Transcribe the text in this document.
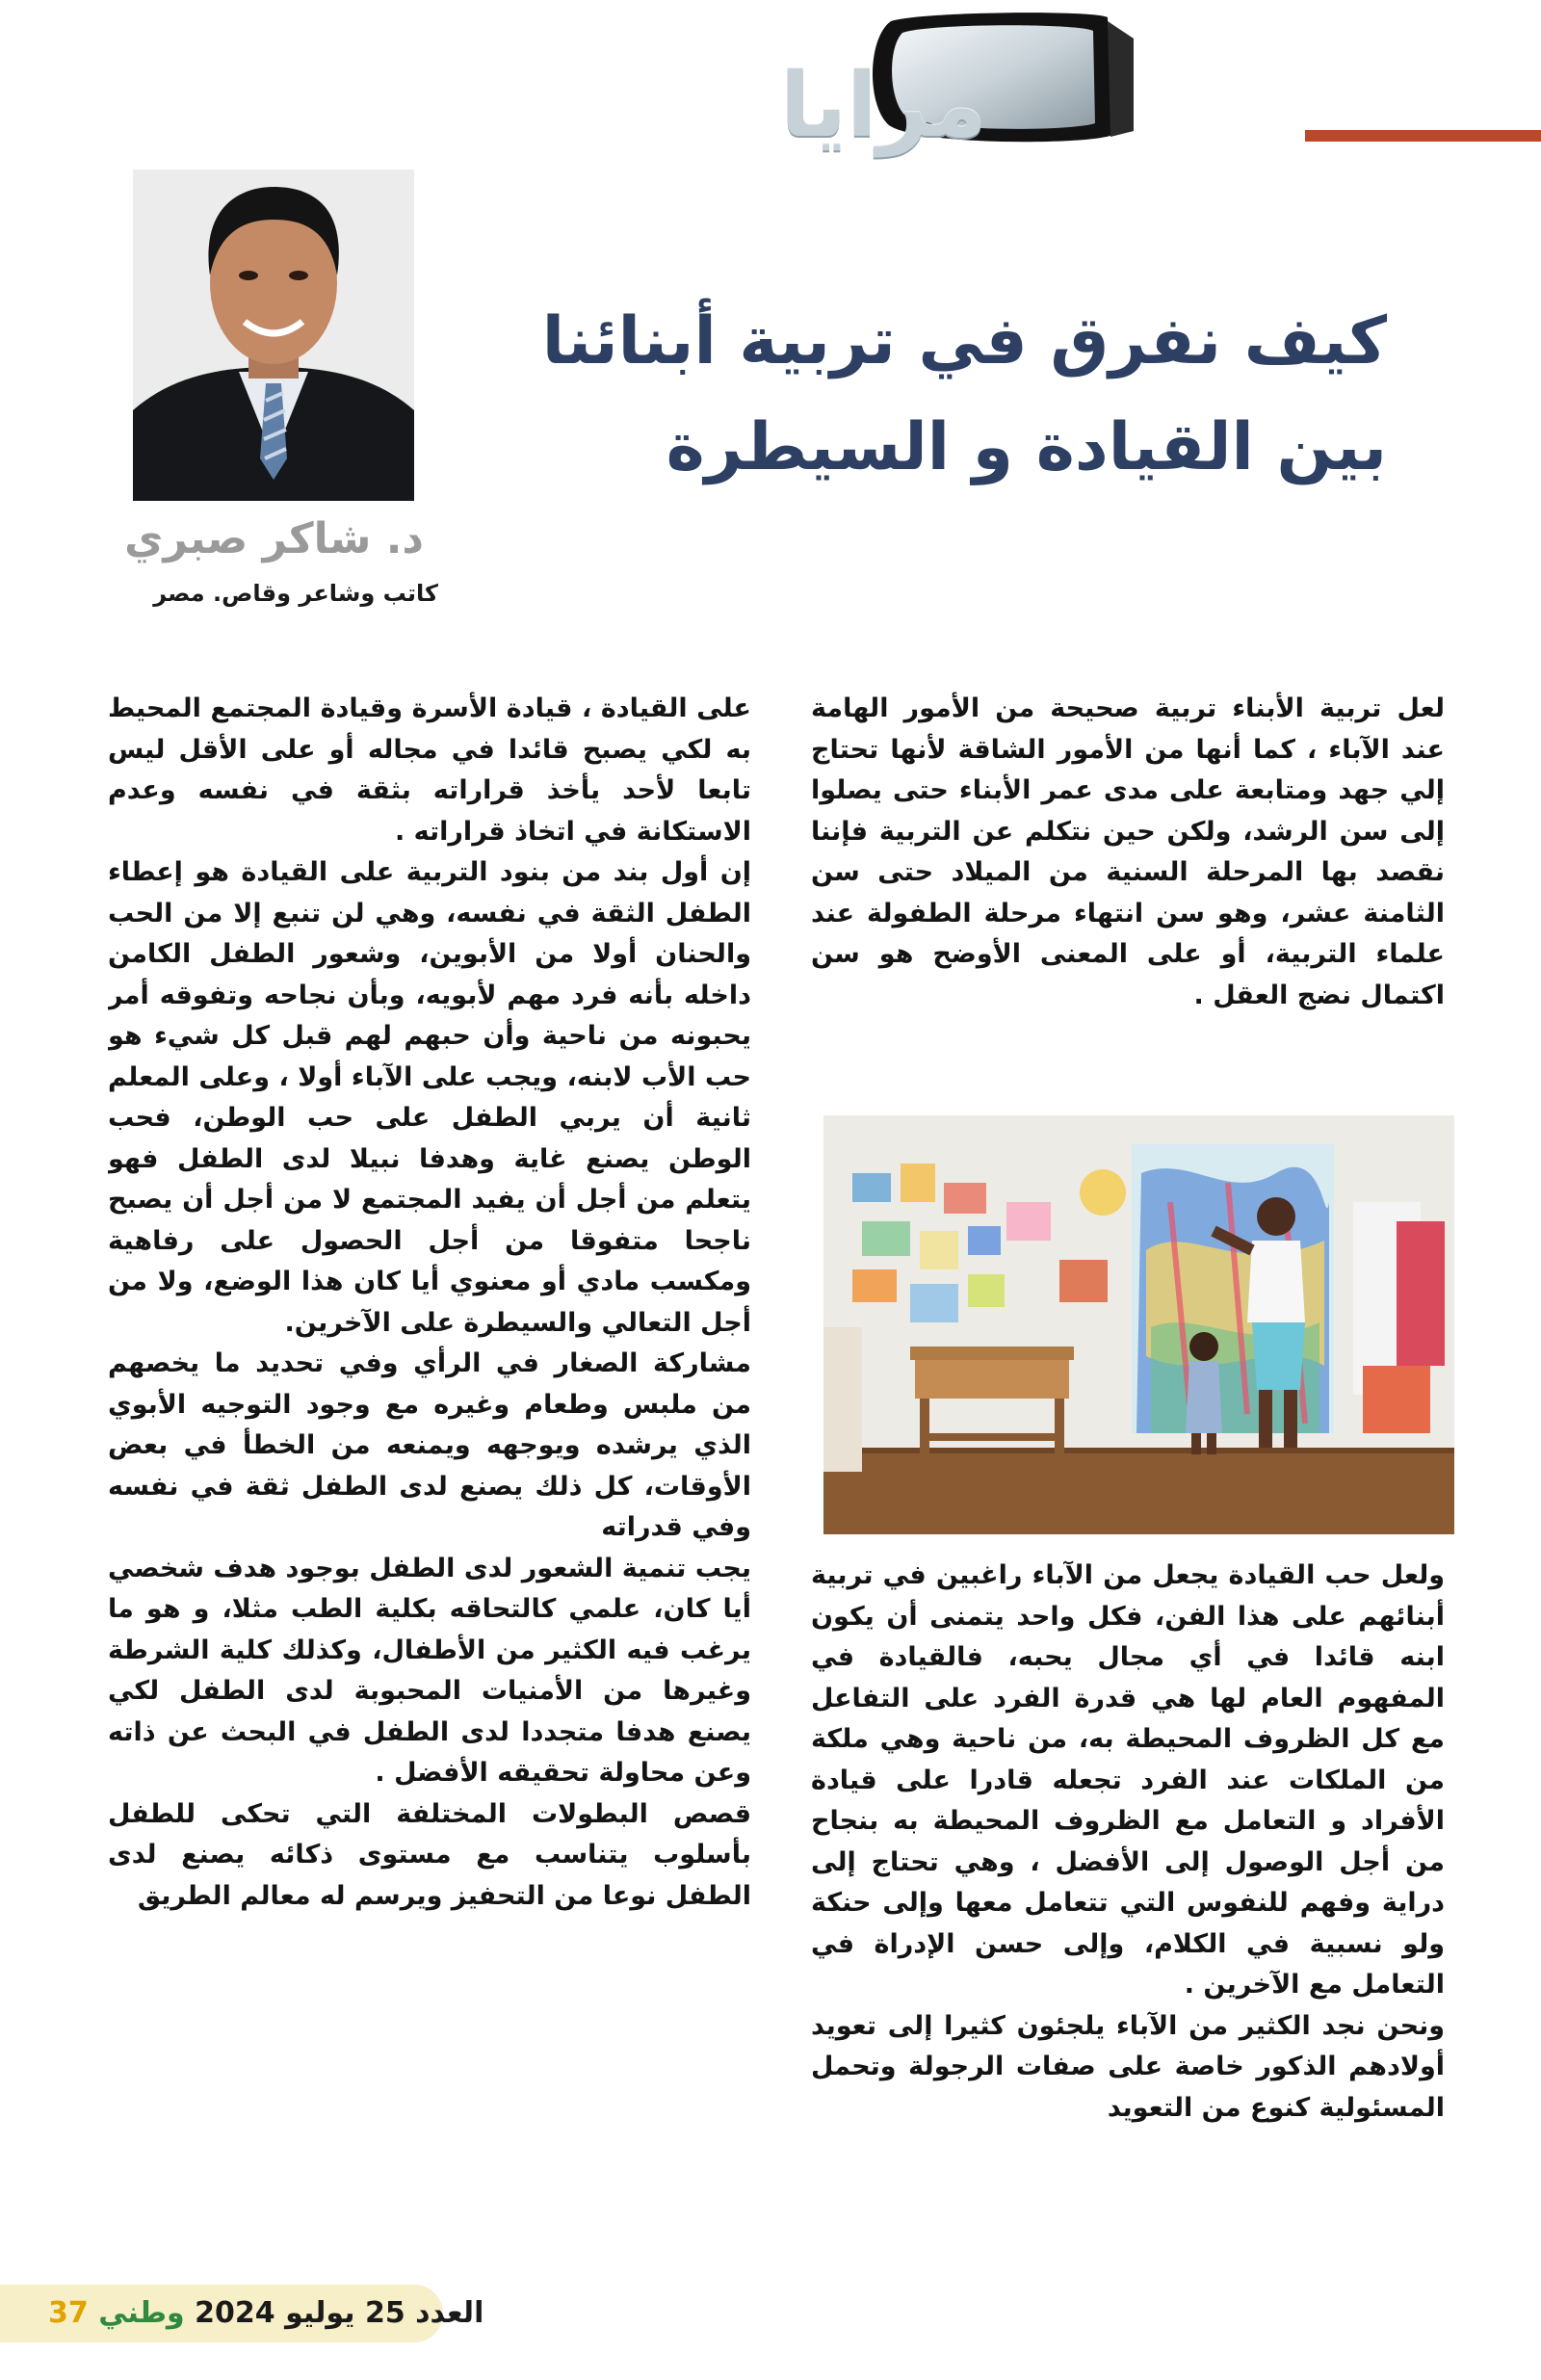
مرايا
د. شاكر صبري
كاتب وشاعر وقاص. مصر
كيف نفرق في تربية أبنائنا
بين القيادة و السيطرة

لعل تربية الأبناء تربية صحيحة من الأمور الهامة عند الآباء ، كما أنها من الأمور الشاقة لأنها تحتاج إلي جهد ومتابعة على مدى عمر الأبناء حتى يصلوا إلى سن الرشد، ولكن حين نتكلم عن التربية فإننا نقصد بها المرحلة السنية من الميلاد حتى سن الثامنة عشر، وهو سن انتهاء مرحلة الطفولة عند علماء التربية، أو على المعنى الأوضح هو سن اكتمال نضج العقل .

ولعل حب القيادة يجعل من الآباء راغبين في تربية أبنائهم على هذا الفن، فكل واحد يتمنى أن يكون ابنه قائدا في أي مجال يحبه، فالقيادة في المفهوم العام لها هي قدرة الفرد على التفاعل مع كل الظروف المحيطة به، من ناحية وهي ملكة من الملكات عند الفرد تجعله قادرا على قيادة الأفراد و التعامل مع الظروف المحيطة به بنجاح من أجل الوصول إلى الأفضل ، وهي تحتاج إلى دراية وفهم للنفوس التي تتعامل معها وإلى حنكة ولو نسبية في الكلام، وإلى حسن الإدراة في التعامل مع الآخرين .

ونحن نجد الكثير من الآباء يلجئون كثيرا إلى تعويد أولادهم الذكور خاصة على صفات الرجولة وتحمل المسئولية كنوع من التعويد

على القيادة ، قيادة الأسرة وقيادة المجتمع المحيط به لكي يصبح قائدا في مجاله أو على الأقل ليس تابعا لأحد يأخذ قراراته بثقة في نفسه وعدم الاستكانة في اتخاذ قراراته .

إن أول بند من بنود التربية على القيادة هو إعطاء الطفل الثقة في نفسه، وهي لن تنبع إلا من الحب والحنان أولا من الأبوين، وشعور الطفل الكامن داخله بأنه فرد مهم لأبويه، وبأن نجاحه وتفوقه أمر يحبونه من ناحية وأن حبهم لهم قبل كل شيء هو حب الأب لابنه، ويجب على الآباء أولا ، وعلى المعلم ثانية أن يربي الطفل على حب الوطن، فحب الوطن يصنع غاية وهدفا نبيلا لدى الطفل فهو يتعلم من أجل أن يفيد المجتمع لا من أجل أن يصبح ناجحا متفوقا من أجل الحصول على رفاهية ومكسب مادي أو معنوي أيا كان هذا الوضع، ولا من أجل التعالي والسيطرة على الآخرين.

مشاركة الصغار في الرأي وفي تحديد ما يخصهم من ملبس وطعام وغيره مع وجود التوجيه الأبوي الذي يرشده ويوجهه ويمنعه من الخطأ في بعض الأوقات، كل ذلك يصنع لدى الطفل ثقة في نفسه وفي قدراته

يجب تنمية الشعور لدى الطفل بوجود هدف شخصي أيا كان، علمي كالتحاقه بكلية الطب مثلا، و هو ما يرغب فيه الكثير من الأطفال، وكذلك كلية الشرطة وغيرها من الأمنيات المحبوبة لدى الطفل لكي يصنع هدفا متجددا لدى الطفل في البحث عن ذاته وعن محاولة تحقيقه الأفضل .

قصص البطولات المختلفة التي تحكى للطفل بأسلوب يتناسب مع مستوى ذكائه يصنع لدى الطفل نوعا من التحفيز ويرسم له معالم الطريق

العدد 25 يوليو 2024 وطني 37
